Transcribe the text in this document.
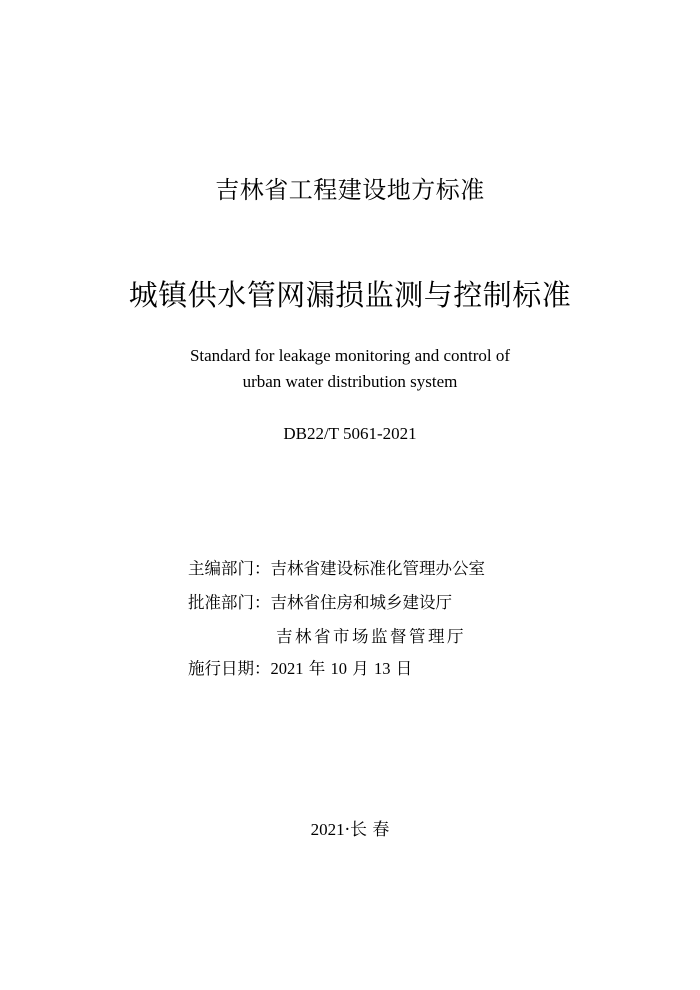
吉林省工程建设地方标准
城镇供水管网漏损监测与控制标准
Standard for leakage monitoring and control of
urban water distribution system
DB22/T 5061-2021
主编部门：吉林省建设标准化管理办公室
批准部门：吉林省住房和城乡建设厅
吉林省市场监督管理厅
施行日期：2021 年 10 月 13 日
2021·长 春
